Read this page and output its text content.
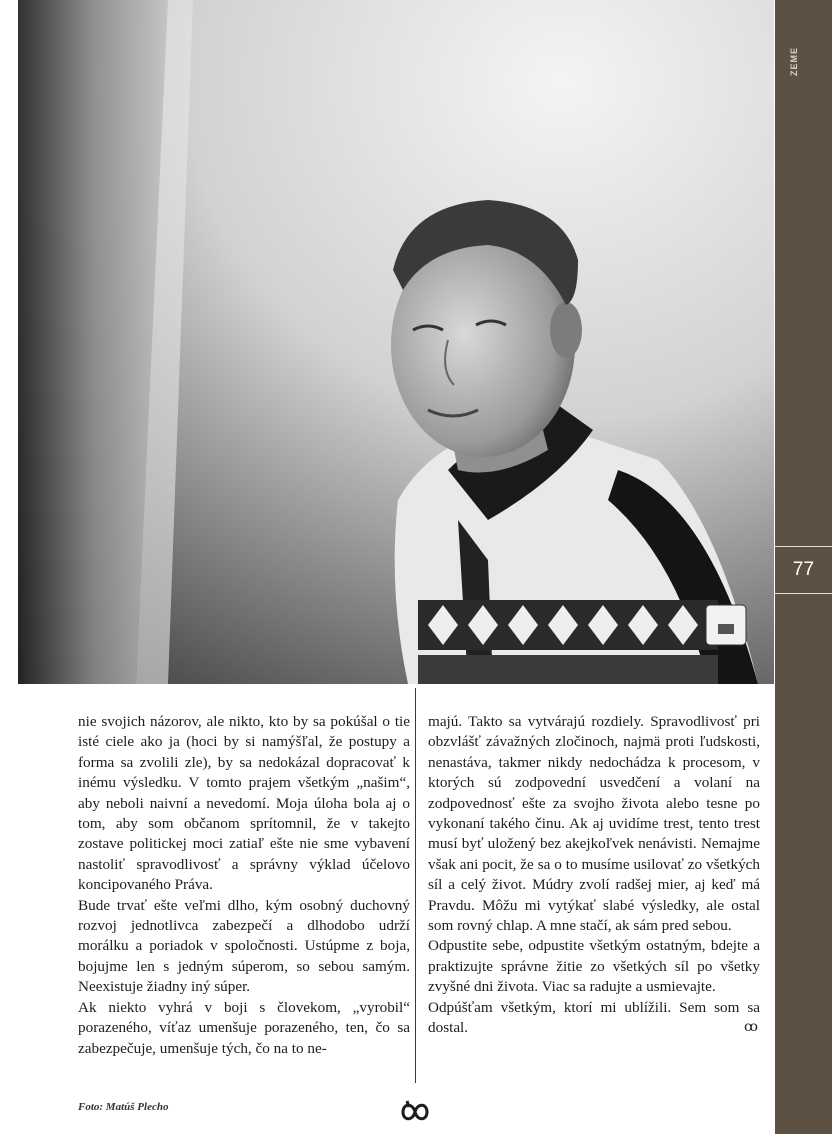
ZEME
77

nie svojich názorov, ale nikto, kto by sa pokúšal o tie isté ciele ako ja (hoci by si namýšľal, že postupy a forma sa zvolili zle), by sa nedokázal dopracovať k inému výsledku. V tomto prajem všetkým „našim“, aby neboli naivní a nevedomí. Moja úloha bola aj o tom, aby som občanom sprítomnil, že v takejto zostave politickej moci zatiaľ ešte nie sme vybavení nastoliť spravodlivosť a správny výklad účelovo koncipovaného Práva.

Bude trvať ešte veľmi dlho, kým osobný duchovný rozvoj jednotlivca zabezpečí a dlhodobo udrží morálku a poriadok v spoločnosti. Ustúpme z boja, bojujme len s jedným súperom, so sebou samým. Neexistuje žiadny iný súper.

Ak niekto vyhrá v boji s človekom, „vyrobil“ porazeného, víťaz umenšuje porazeného, ten, čo sa zabezpečuje, umenšuje tých, čo na to ne-

majú. Takto sa vytvárajú rozdiely. Spravodlivosť pri obzvlášť závažných zločinoch, najmä proti ľudskosti, nenastáva, takmer nikdy nedochádza k procesom, v ktorých sú zodpovední usvedčení a volaní na zodpovednosť ešte za svojho života alebo tesne po vykonaní takého činu. Ak aj uvidíme trest, tento trest musí byť uložený bez akejkoľvek nenávisti. Nemajme však ani pocit, že sa o to musíme usilovať zo všetkých síl a celý život. Múdry zvolí radšej mier, aj keď má Pravdu. Môžu mi vytýkať slabé výsledky, ale ostal som rovný chlap. A mne stačí, ak sám pred sebou.

Odpustite sebe, odpustite všetkým ostatným, bdejte a praktizujte správne žitie zo všetkých síl po všetky zvyšné dni života. Viac sa radujte a usmievajte.

Odpúšťam všetkým, ktorí mi ublížili. Sem som sa dostal.	ꝏ

Foto: Matúš Plecho
